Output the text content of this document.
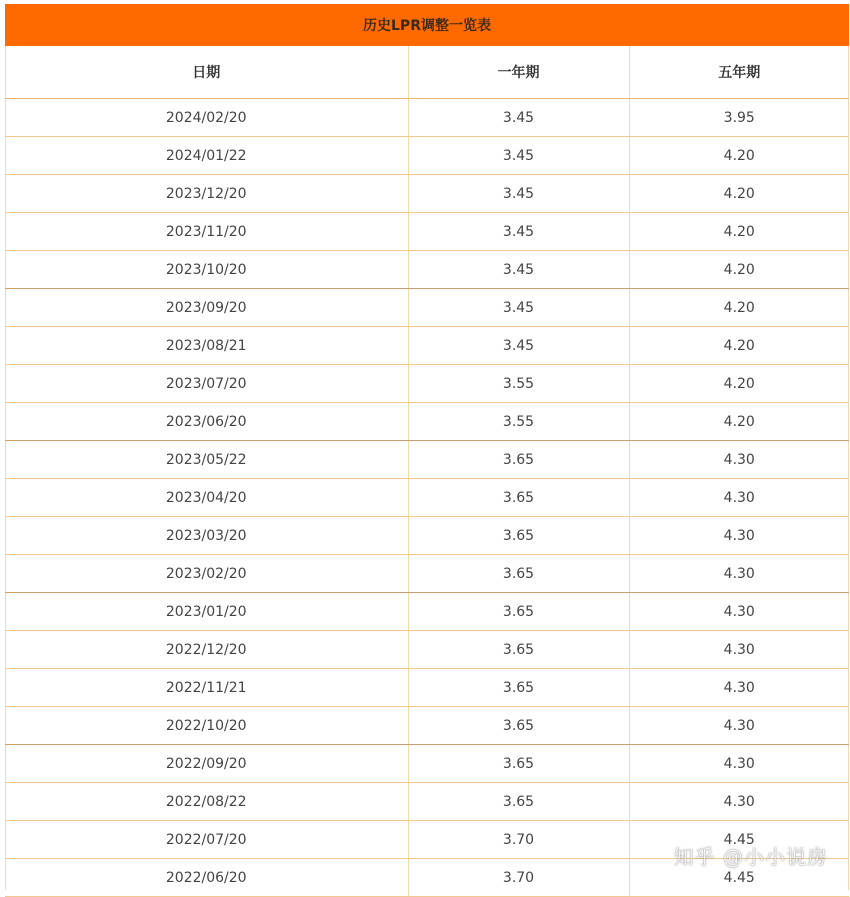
历史LPR调整一览表
日期	一年期	五年期
2024/02/20	3.45	3.95
2024/01/22	3.45	4.20
2023/12/20	3.45	4.20
2023/11/20	3.45	4.20
2023/10/20	3.45	4.20
2023/09/20	3.45	4.20
2023/08/21	3.45	4.20
2023/07/20	3.55	4.20
2023/06/20	3.55	4.20
2023/05/22	3.65	4.30
2023/04/20	3.65	4.30
2023/03/20	3.65	4.30
2023/02/20	3.65	4.30
2023/01/20	3.65	4.30
2022/12/20	3.65	4.30
2022/11/21	3.65	4.30
2022/10/20	3.65	4.30
2022/09/20	3.65	4.30
2022/08/22	3.65	4.30
2022/07/20	3.70	4.45
2022/06/20	3.70	4.45
知乎 @小小说房
